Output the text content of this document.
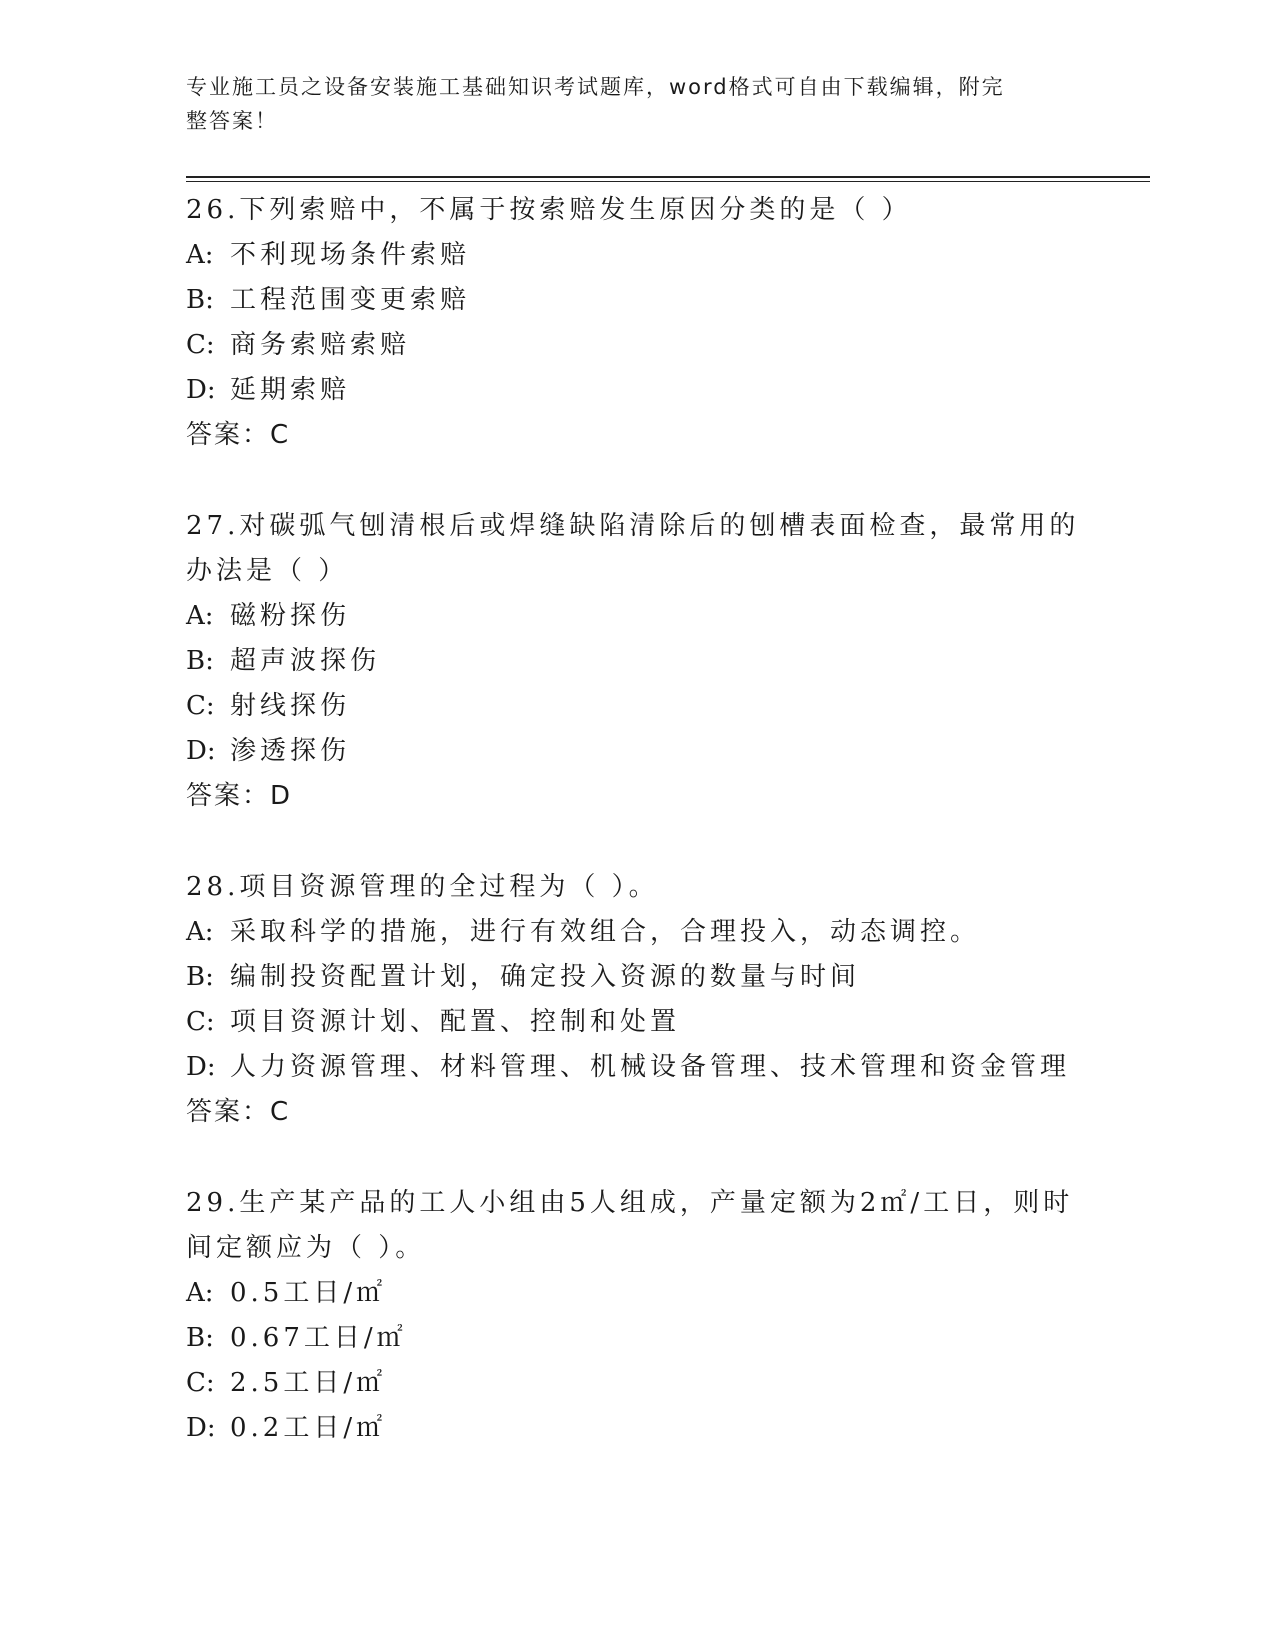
专业施工员之设备安装施工基础知识考试题库，word格式可自由下载编辑，附完
整答案！
26.下列索赔中，不属于按索赔发生原因分类的是（ ）
A: 不利现场条件索赔
B: 工程范围变更索赔
C: 商务索赔索赔
D: 延期索赔
答案：C
27.对碳弧气刨清根后或焊缝缺陷清除后的刨槽表面检查，最常用的办法是（ ）
A: 磁粉探伤
B: 超声波探伤
C: 射线探伤
D: 渗透探伤
答案：D
28.项目资源管理的全过程为（ ）。
A: 采取科学的措施，进行有效组合，合理投入，动态调控。
B: 编制投资配置计划，确定投入资源的数量与时间
C: 项目资源计划、配置、控制和处置
D: 人力资源管理、材料管理、机械设备管理、技术管理和资金管理
答案：C
29.生产某产品的工人小组由5人组成，产量定额为2㎡/工日，则时间定额应为（ ）。
A: 0.5工日/㎡
B: 0.67工日/㎡
C: 2.5工日/㎡
D: 0.2工日/㎡
